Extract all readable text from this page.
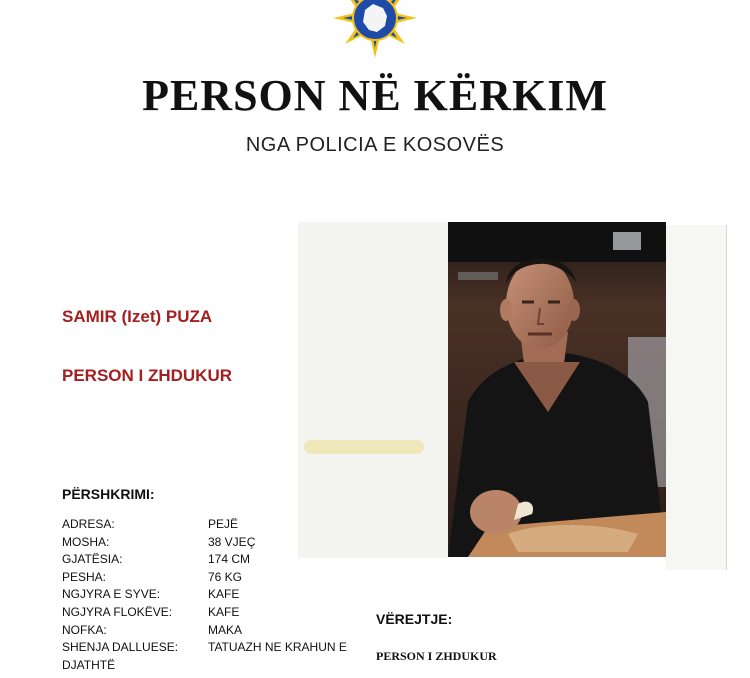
PERSON NË KËRKIM
NGA POLICIA E KOSOVËS
SAMIR (Izet) PUZA
PERSON I ZHDUKUR
PËRSHKRIMI:
ADRESA:	PEJË
MOSHA:	38 VJEÇ
GJATËSIA:	174 CM
PESHA:	76 KG
NGJYRA E SYVE:	KAFE
NGJYRA FLOKËVE:	KAFE
NOFKA:	MAKA
SHENJA DALLUESE:	TATUAZH NE KRAHUN E
DJATHTË
VËREJTJE:
PERSON I ZHDUKUR
